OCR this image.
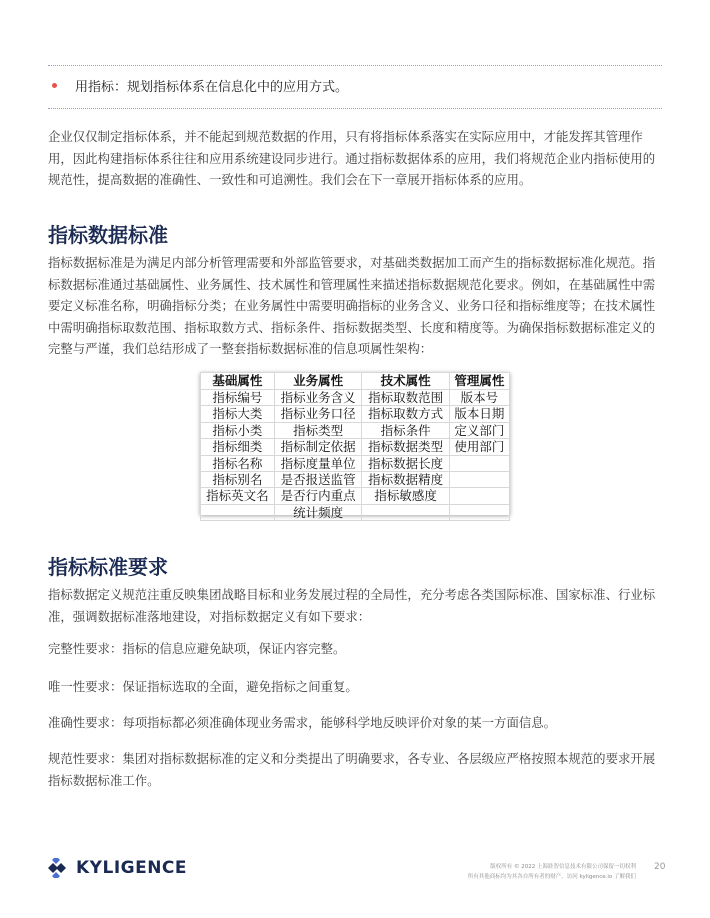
用指标：规划指标体系在信息化中的应用方式。

企业仅仅制定指标体系，并不能起到规范数据的作用，只有将指标体系落实在实际应用中，才能发挥其管理作用，因此构建指标体系往往和应用系统建设同步进行。通过指标数据体系的应用，我们将规范企业内指标使用的规范性，提高数据的准确性、一致性和可追溯性。我们会在下一章展开指标体系的应用。

指标数据标准

指标数据标准是为满足内部分析管理需要和外部监管要求，对基础类数据加工而产生的指标数据标准化规范。指标数据标准通过基础属性、业务属性、技术属性和管理属性来描述指标数据规范化要求。例如，在基础属性中需要定义标准名称，明确指标分类；在业务属性中需要明确指标的业务含义、业务口径和指标维度等；在技术属性中需明确指标取数范围、指标取数方式、指标条件、指标数据类型、长度和精度等。为确保指标数据标准定义的完整与严谨，我们总结形成了一整套指标数据标准的信息项属性架构：

基础属性	业务属性	技术属性	管理属性
指标编号	指标业务含义	指标取数范围	版本号
指标大类	指标业务口径	指标取数方式	版本日期
指标小类	指标类型	指标条件	定义部门
指标细类	指标制定依据	指标数据类型	使用部门
指标名称	指标度量单位	指标数据长度	
指标别名	是否报送监管	指标数据精度	
指标英文名	是否行内重点	指标敏感度	
	统计频度		
指标标准要求

指标数据定义规范注重反映集团战略目标和业务发展过程的全局性，充分考虑各类国际标准、国家标准、行业标准，强调数据标准落地建设，对指标数据定义有如下要求：

完整性要求：指标的信息应避免缺项，保证内容完整。

唯一性要求：保证指标选取的全面，避免指标之间重复。

准确性要求：每项指标都必须准确体现业务需求，能够科学地反映评价对象的某一方面信息。

规范性要求：集团对指标数据标准的定义和分类提出了明确要求，各专业、各层级应严格按照本规范的要求开展指标数据标准工作。

KYLIGENCE	版权所有 © 2022 上海跬智信息技术有限公司保留一切权利
所有其他商标均为其各自所有者的财产。访问 kyligence.io 了解我们
20
